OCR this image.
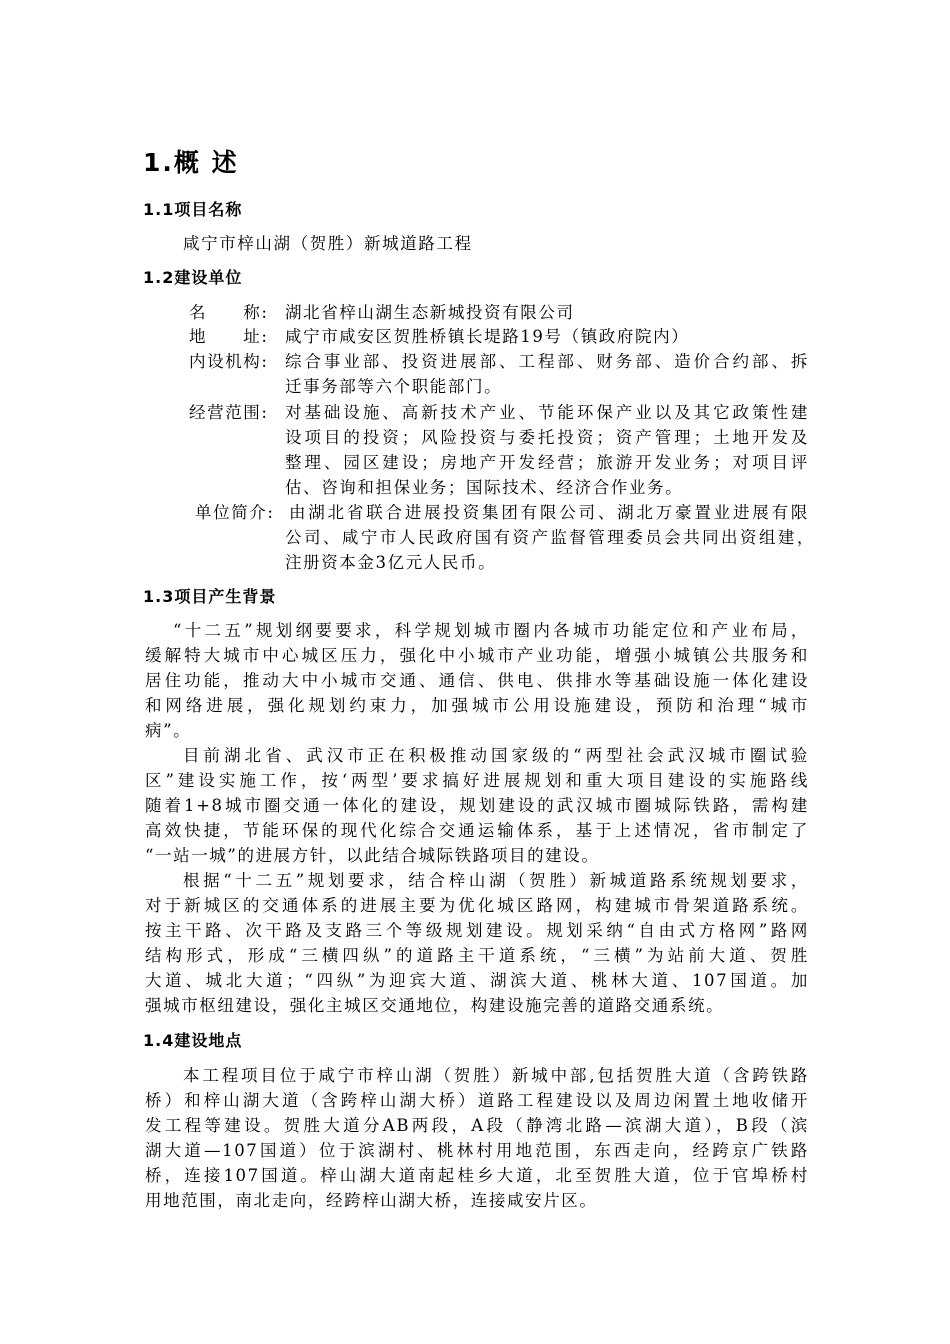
1.概 述
1.1项目名称
咸宁市梓山湖（贺胜）新城道路工程
1.2建设单位
名　　称: 湖北省梓山湖生态新城投资有限公司
地　　址: 咸宁市咸安区贺胜桥镇长堤路19号（镇政府院内）
内设机构: 综合事业部、投资进展部、工程部、财务部、造价合约部、拆
迁事务部等六个职能部门。
经营范围: 对基础设施、高新技术产业、节能环保产业以及其它政策性建
设项目的投资；风险投资与委托投资；资产管理；土地开发及
整理、园区建设；房地产开发经营；旅游开发业务；对项目评
估、咨询和担保业务；国际技术、经济合作业务。
单位简介: 由湖北省联合进展投资集团有限公司、湖北万豪置业进展有限
公司、咸宁市人民政府国有资产监督管理委员会共同出资组建，
注册资本金3亿元人民币。
1.3项目产生背景
“十二五”规划纲要要求，科学规划城市圈内各城市功能定位和产业布局，
缓解特大城市中心城区压力，强化中小城市产业功能，增强小城镇公共服务和
居住功能，推动大中小城市交通、通信、供电、供排水等基础设施一体化建设
和网络进展，强化规划约束力，加强城市公用设施建设，预防和治理“城市
病”。
目前湖北省、武汉市正在积极推动国家级的“两型社会武汉城市圈试验
区”建设实施工作，按‘两型’要求搞好进展规划和重大项目建设的实施路线
随着1+8城市圈交通一体化的建设，规划建设的武汉城市圈城际铁路，需构建
高效快捷，节能环保的现代化综合交通运输体系，基于上述情况，省市制定了
“一站一城”的进展方针，以此结合城际铁路项目的建设。
根据“十二五”规划要求，结合梓山湖（贺胜）新城道路系统规划要求，
对于新城区的交通体系的进展主要为优化城区路网，构建城市骨架道路系统。
按主干路、次干路及支路三个等级规划建设。规划采纳“自由式方格网”路网
结构形式，形成“三横四纵”的道路主干道系统，“三横”为站前大道、贺胜
大道、城北大道；“四纵”为迎宾大道、湖滨大道、桃林大道、107国道。加
强城市枢纽建设，强化主城区交通地位，构建设施完善的道路交通系统。
1.4建设地点
本工程项目位于咸宁市梓山湖（贺胜）新城中部,包括贺胜大道（含跨铁路
桥）和梓山湖大道（含跨梓山湖大桥）道路工程建设以及周边闲置土地收储开
发工程等建设。贺胜大道分AB两段，A段（静湾北路—滨湖大道），B段（滨
湖大道—107国道）位于滨湖村、桃林村用地范围，东西走向，经跨京广铁路
桥，连接107国道。梓山湖大道南起桂乡大道，北至贺胜大道，位于官埠桥村
用地范围，南北走向，经跨梓山湖大桥，连接咸安片区。
